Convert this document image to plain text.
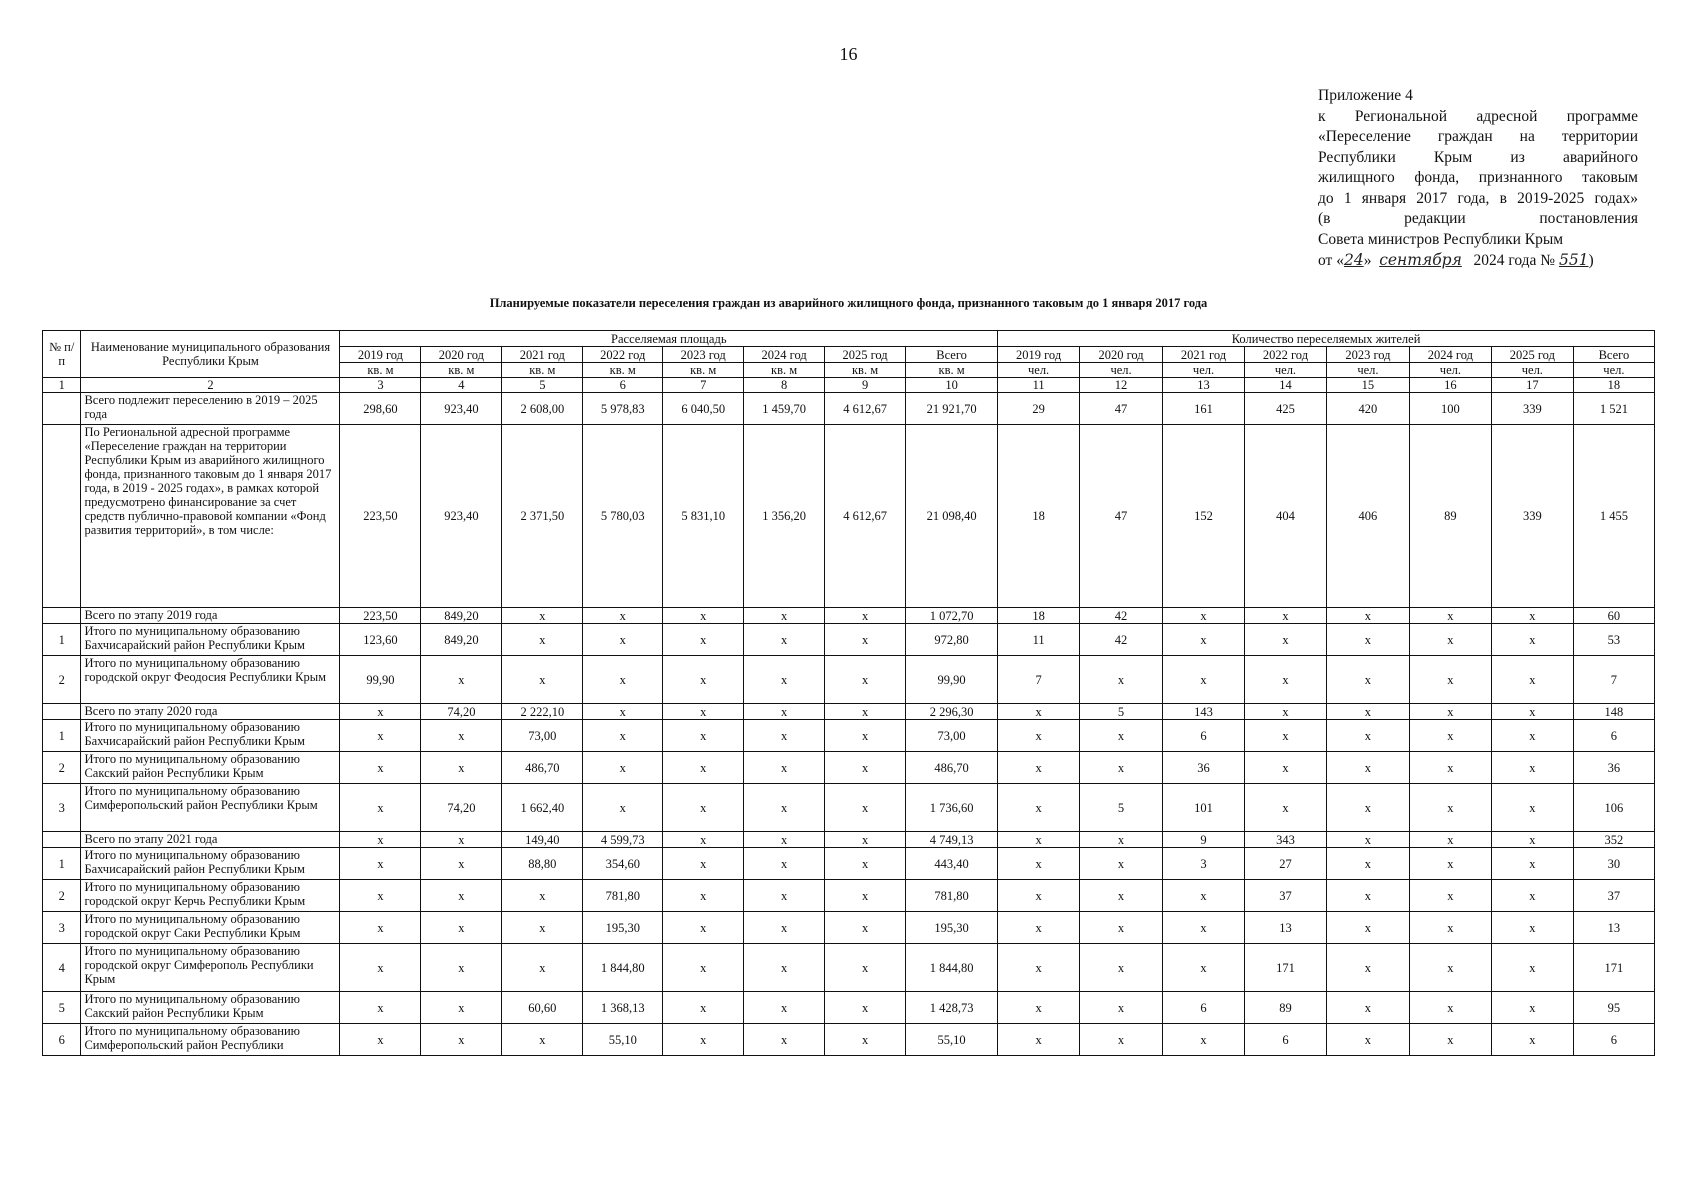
16
Приложение 4
к Региональной адресной программе
«Переселение граждан на территории
Республики Крым из аварийного
жилищного фонда, признанного таковым
до 1 января 2017 года, в 2019-2025 годах»
(в редакции постановления
Совета министров Республики Крым
от «24» сентября 2024 года № 551)
Планируемые показатели переселения граждан из аварийного жилищного фонда, признанного таковым до 1 января 2017 года
№ п/п	Наименование муниципального образования Республики Крым	Расселяемая площадь								Количество переселяемых жителей							
		2019 год	2020 год	2021 год	2022 год	2023 год	2024 год	2025 год	Всего	2019 год	2020 год	2021 год	2022 год	2023 год	2024 год	2025 год	Всего
		кв. м	кв. м	кв. м	кв. м	кв. м	кв. м	кв. м	кв. м	чел.	чел.	чел.	чел.	чел.	чел.	чел.	чел.
1	2	3	4	5	6	7	8	9	10	11	12	13	14	15	16	17	18
	Всего подлежит переселению в 2019 – 2025 года	298,60	923,40	2 608,00	5 978,83	6 040,50	1 459,70	4 612,67	21 921,70	29	47	161	425	420	100	339	1 521
	По Региональной адресной программе «Переселение граждан на территории Республики Крым из аварийного жилищного фонда, признанного таковым до 1 января 2017 года, в 2019 - 2025 годах», в рамках которой предусмотрено финансирование за счет средств публично-правовой компании «Фонд развития территорий», в том числе:	223,50	923,40	2 371,50	5 780,03	5 831,10	1 356,20	4 612,67	21 098,40	18	47	152	404	406	89	339	1 455
	Всего по этапу 2019 года	223,50	849,20	x	x	x	x	x	1 072,70	18	42	x	x	x	x	x	60
1	Итого по муниципальному образованию Бахчисарайский район Республики Крым	123,60	849,20	x	x	x	x	x	972,80	11	42	x	x	x	x	x	53
2	Итого по муниципальному образованию городской округ Феодосия Республики Крым	99,90	x	x	x	x	x	x	99,90	7	x	x	x	x	x	x	7
	Всего по этапу 2020 года	x	74,20	2 222,10	x	x	x	x	2 296,30	x	5	143	x	x	x	x	148
1	Итого по муниципальному образованию Бахчисарайский район Республики Крым	x	x	73,00	x	x	x	x	73,00	x	x	6	x	x	x	x	6
2	Итого по муниципальному образованию Сакский район Республики Крым	x	x	486,70	x	x	x	x	486,70	x	x	36	x	x	x	x	36
3	Итого по муниципальному образованию Симферопольский район Республики Крым	x	74,20	1 662,40	x	x	x	x	1 736,60	x	5	101	x	x	x	x	106
	Всего по этапу 2021 года	x	x	149,40	4 599,73	x	x	x	4 749,13	x	x	9	343	x	x	x	352
1	Итого по муниципальному образованию Бахчисарайский район Республики Крым	x	x	88,80	354,60	x	x	x	443,40	x	x	3	27	x	x	x	30
2	Итого по муниципальному образованию городской округ Керчь Республики Крым	x	x	x	781,80	x	x	x	781,80	x	x	x	37	x	x	x	37
3	Итого по муниципальному образованию городской округ Саки Республики Крым	x	x	x	195,30	x	x	x	195,30	x	x	x	13	x	x	x	13
4	Итого по муниципальному образованию городской округ Симферополь Республики Крым	x	x	x	1 844,80	x	x	x	1 844,80	x	x	x	171	x	x	x	171
5	Итого по муниципальному образованию Сакский район Республики Крым	x	x	60,60	1 368,13	x	x	x	1 428,73	x	x	6	89	x	x	x	95
6	Итого по муниципальному образованию Симферопольский район Республики	x	x	x	55,10	x	x	x	55,10	x	x	x	6	x	x	x	6
